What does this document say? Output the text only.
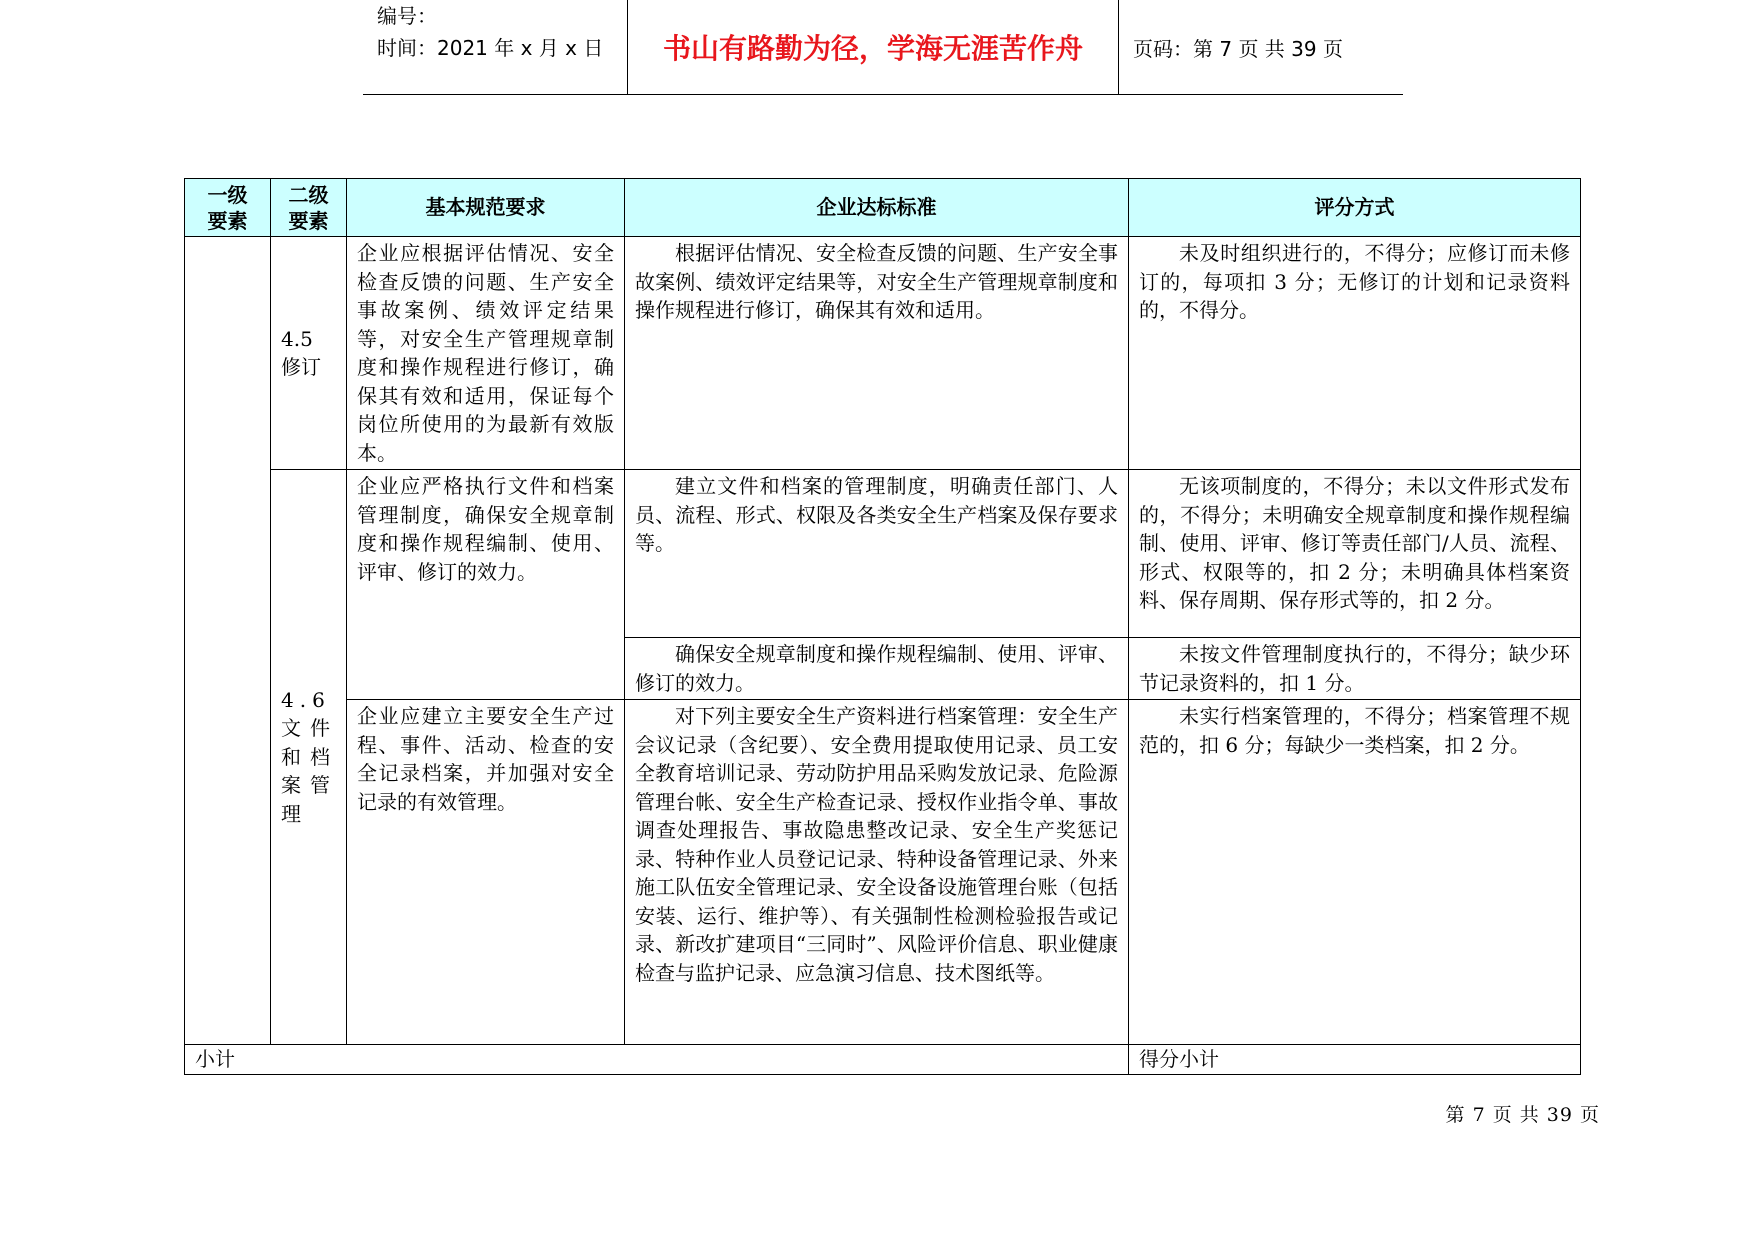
编号：
时间：2021 年 x 月 x 日	书山有路勤为径，学海无涯苦作舟	页码：第 7 页 共 39 页
一级要素	二级要素	基本规范要求	企业达标标准	评分方式
	4.5 修订	企业应根据评估情况、安全检查反馈的问题、生产安全事故案例、绩效评定结果等，对安全生产管理规章制度和操作规程进行修订，确保其有效和适用，保证每个岗位所使用的为最新有效版本。	根据评估情况、安全检查反馈的问题、生产安全事故案例、绩效评定结果等，对安全生产管理规章制度和操作规程进行修订，确保其有效和适用。	未及时组织进行的，不得分；应修订而未修订的，每项扣 3 分；无修订的计划和记录资料的，不得分。
	4.6 文件和档案管理	企业应严格执行文件和档案管理制度，确保安全规章制度和操作规程编制、使用、评审、修订的效力。	建立文件和档案的管理制度，明确责任部门、人员、流程、形式、权限及各类安全生产档案及保存要求等。	无该项制度的，不得分；未以文件形式发布的，不得分；未明确安全规章制度和操作规程编制、使用、评审、修订等责任部门/人员、流程、形式、权限等的，扣 2 分；未明确具体档案资料、保存周期、保存形式等的，扣 2 分。
			确保安全规章制度和操作规程编制、使用、评审、修订的效力。	未按文件管理制度执行的，不得分；缺少环节记录资料的，扣 1 分。
		企业应建立主要安全生产过程、事件、活动、检查的安全记录档案，并加强对安全记录的有效管理。	对下列主要安全生产资料进行档案管理：安全生产会议记录（含纪要）、安全费用提取使用记录、员工安全教育培训记录、劳动防护用品采购发放记录、危险源管理台帐、安全生产检查记录、授权作业指令单、事故调查处理报告、事故隐患整改记录、安全生产奖惩记录、特种作业人员登记记录、特种设备管理记录、外来施工队伍安全管理记录、安全设备设施管理台账（包括安装、运行、维护等）、有关强制性检测检验报告或记录、新改扩建项目“三同时”、风险评价信息、职业健康检查与监护记录、应急演习信息、技术图纸等。	未实行档案管理的，不得分；档案管理不规范的，扣 6 分；每缺少一类档案，扣 2 分。
小计				得分小计
第 7 页 共 39 页
